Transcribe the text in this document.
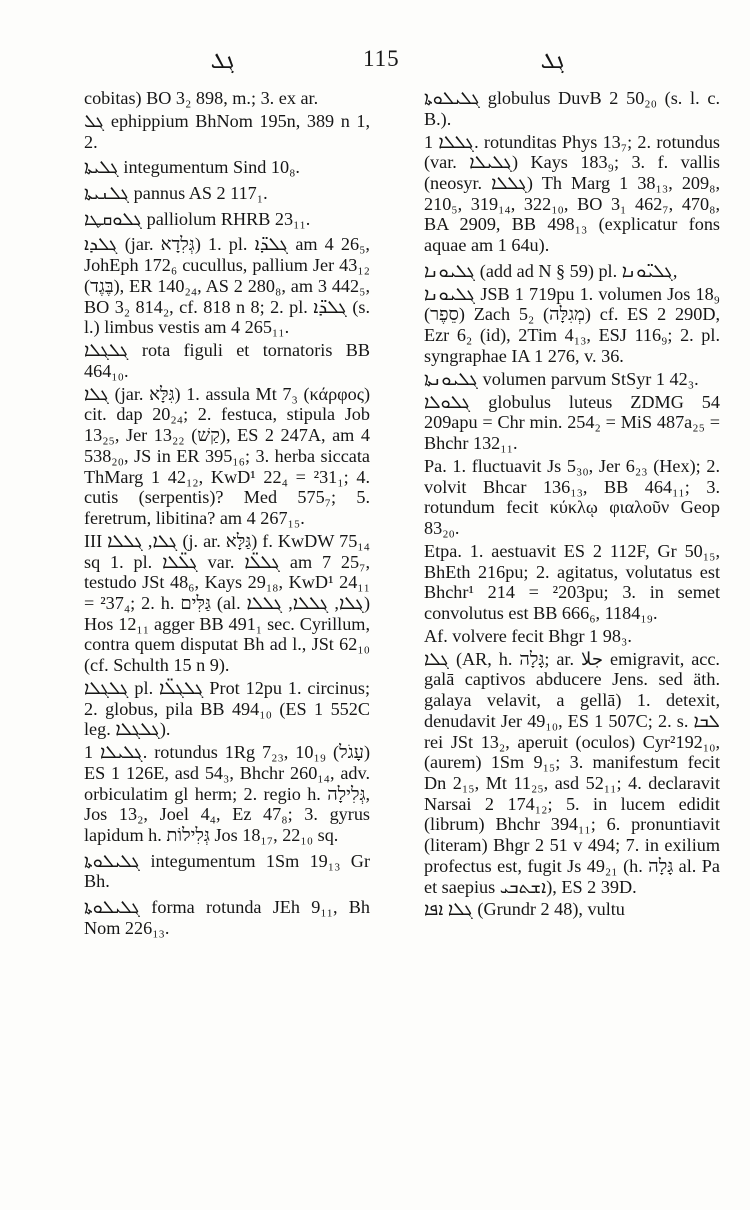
ܓܠ	115	ܓܠ

cobitas) BO 3₂ 898, m.; 3. ex ar.

ܓܠ ephippium BhNom 195n, 389 n 1, 2.

ܓܠܝܬܐ integumentum Sind 10₈.

ܓܠܢܝܬܐ pannus AS 2 117₁.

ܓܠܘܩܛܐ palliolum RHRB 23₁₁.

ܓܠܕܐ (jar. גְּלִדָא) 1. pl. ܓܠܕ̈ܐ am 4 26₅, JohEph 172₆ cucullus, pallium Jer 43₁₂ (בֶּגֶד), ER 140₂₄, AS 2 280₈, am 3 442₅, BO 3₂ 814₂, cf. 818 n 8; 2. pl. ܓܠܕ̈ܐ (s. l.) limbus vestis am 4 265₁₁.

ܓܠܓܠܐ rota figuli et tornatoris BB 464₁₀.

ܓܠܐ (jar. גִּלָּא) 1. assula Mt 7₃ (κάρφος) cit. dap 20₂₄; 2. festuca, stipula Job 13₂₅, Jer 13₂₂ (קַשׁ), ES 2 247A, am 4 538₂₀, JS in ER 395₁₆; 3. herba siccata ThMarg 1 42₁₂, KwD¹ 22₄ = ²31₁; 4. cutis (serpentis)? Med 575₇; 5. feretrum, libitina? am 4 267₁₅.

III ܓܠܐ, ܓܠܠܐ (j. ar. גַּלָּא) f. KwDW 75₁₄ sq 1. pl. ܓܠ̈ܠܐ var. ܓܠܠ̈ܐ am 7 25₇, testudo JSt 48₆, Kays 29₁₈, KwD¹ 24₁₁ = ²37₄; 2. h. גַּלִּים (al. ܓܠܐ, ܓܠܠܐ, ܓܠܠܐ) Hos 12₁₁ agger BB 491₁ sec. Cyrillum, contra quem disputat Bh ad l., JSt 62₁₀ (cf. Schulth 15 n 9).

ܓܠܓܠܐ pl. ܓܠܓܠ̈ܐ Prot 12pu 1. circinus; 2. globus, pila BB 494₁₀ (ES 1 552C leg. ܓܠܓܠܐ).

ܓܠܝܠܐ 1. rotundus 1Rg 7₂₃, 10₁₉ (עָגֹל) ES 1 126E, asd 54₃, Bhchr 260₁₄, adv. orbiculatim gl herm; 2. regio h. גְּלִילָה, Jos 13₂, Joel 4₄, Ez 47₈; 3. gyrus lapidum h. גְּלִילוֹת Jos 18₁₇, 22₁₀ sq.

ܓܠܝܠܘܬܐ integumentum 1Sm 19₁₃ Gr Bh.

ܓܠܝܠܘܬܐ forma rotunda JEh 9₁₁, Bh Nom 226₁₃.

ܓܠܝܠܘܬܐ globulus DuvB 2 50₂₀ (s. l. c. B.).

ܓܠܠܐ 1. rotunditas Phys 13₇; 2. rotundus (var. ܓܠܝܠܐ) Kays 183₉; 3. f. vallis (neosyr. ܓܠܠܐ) Th Marg 1 38₁₃, 209₈, 210₅, 319₁₄, 322₁₀, BO 3₁ 462₇, 470₈, BA 2909, BB 498₁₃ (explicatur fons aquae am 1 64u).

ܓܠܝܘܢܐ (add ad N § 59) pl. ܓܠܝ̈ܘܢܐ,

ܓܠܝܘܢܐ JSB 1 719pu 1. volumen Jos 18₉ (סֵפֶר) Zach 5₂ (מְגִלָּה) cf. ES 2 290D, Ezr 6₂ (id), 2Tim 4₁₃, ESJ 116₉; 2. pl. syngraphae IA 1 276, v. 36.

ܓܠܝܘܢܬܐ volumen parvum StSyr 1 42₃.

ܓܠܘܠܐ globulus luteus ZDMG 54 209apu = Chr min. 254₂ = MiS 487a₂₅ = Bhchr 132₁₁.

Pa. 1. fluctuavit Js 5₃₀, Jer 6₂₃ (Hex); 2. volvit Bhcar 136₁₃, BB 464₁₁; 3. rotundum fecit κύκλῳ φιαλοῦν Geop 83₂₀.

Etpa. 1. aestuavit ES 2 112F, Gr 50₁₅, BhEth 216pu; 2. agitatus, volutatus est Bhchr¹ 214 = ²203pu; 3. in semet convolutus est BB 666₆, 1184₁₉.

Af. volvere fecit Bhgr 1 98₃.

ܓܠܐ (AR, h. גָּלָה; ar. جلا emigravit, acc. galā captivos abducere Jens. sed äth. galaya velavit, a gellā) 1. detexit, denudavit Jer 49₁₀, ES 1 507C; 2. s. ܠܒܐ rei JSt 13₂, aperuit (oculos) Cyr²192₁₀, (aurem) 1Sm 9₁₅; 3. manifestum fecit Dn 2₁₅, Mt 11₂₅, asd 52₁₁; 4. declaravit Narsai 2 174₁₂; 5. in lucem edidit (librum) Bhchr 394₁₁; 6. pronuntiavit (literam) Bhgr 2 51 v 494; 7. in exilium profectus est, fugit Js 49₂₁ (h. גָּלָה al. Pa et saepius ܐܫܬܒܝ), ES 2 39D.

ܓܠܐ ܐܦܐ (Grundr 2 48), vultu
